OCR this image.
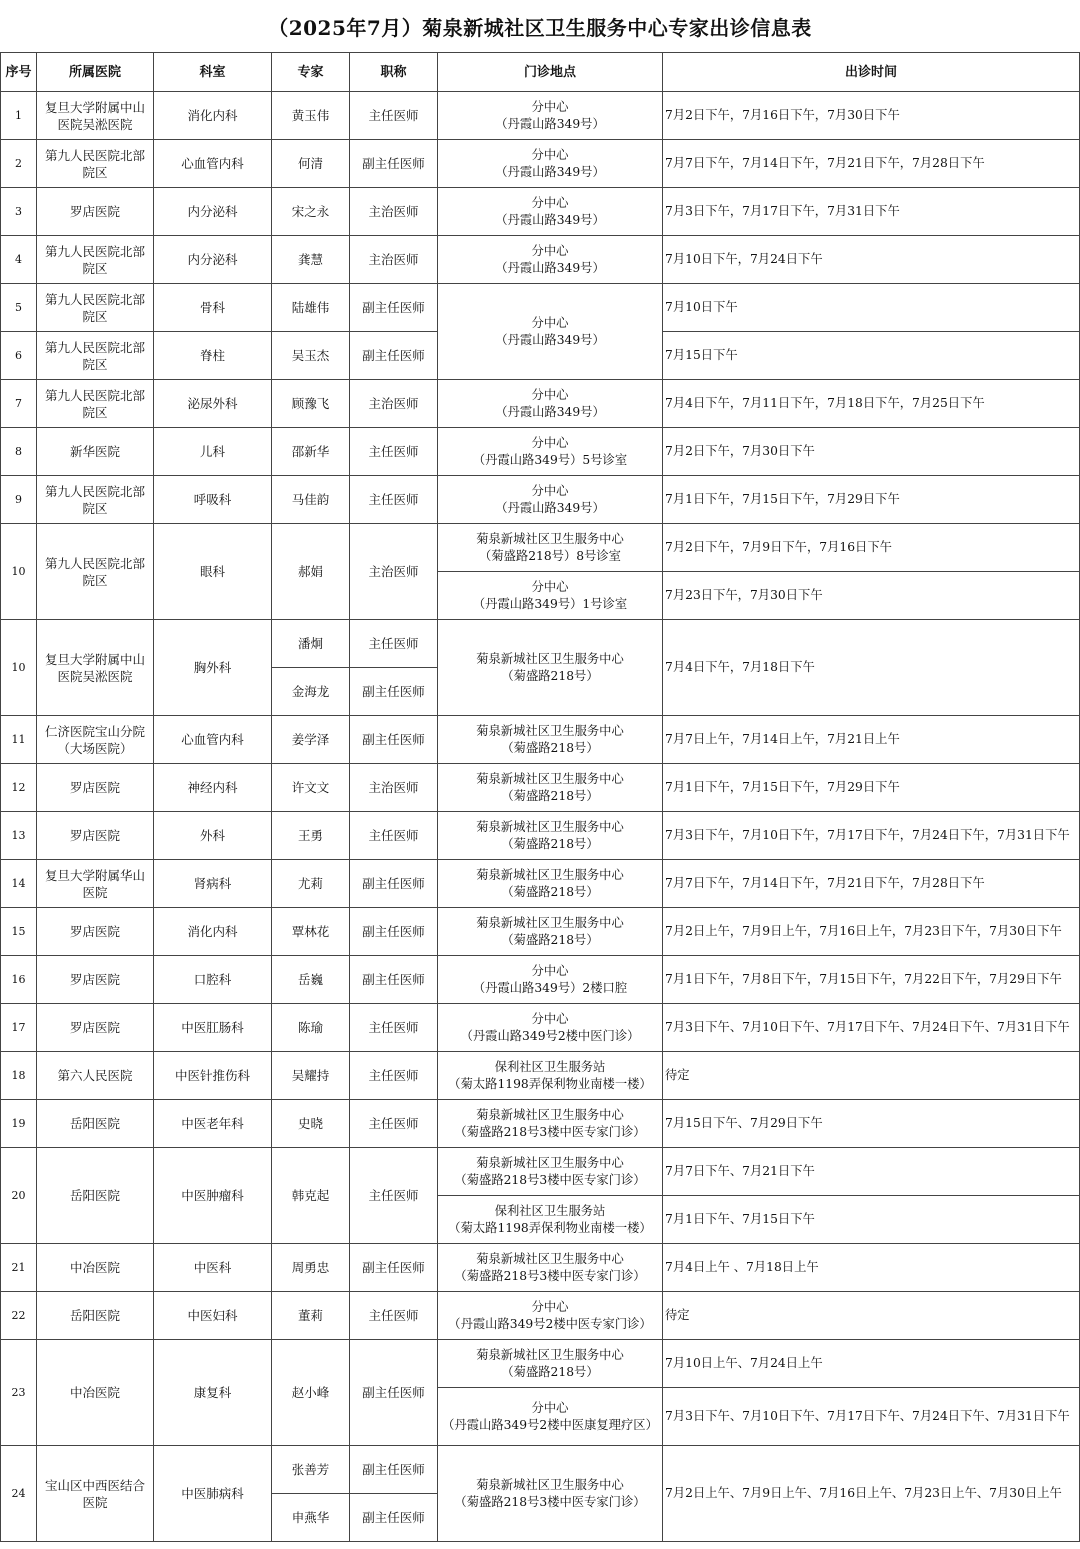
（2025年7月）菊泉新城社区卫生服务中心专家出诊信息表
序号	所属医院	科室	专家	职称	门诊地点	出诊时间
1	复旦大学附属中山医院吴淞医院	消化内科	黄玉伟	主任医师	分中心
（丹霞山路349号）	7月2日下午，7月16日下午，7月30日下午
2	第九人民医院北部院区	心血管内科	何清	副主任医师	分中心
（丹霞山路349号）	7月7日下午，7月14日下午，7月21日下午，7月28日下午
3	罗店医院	内分泌科	宋之永	主治医师	分中心
（丹霞山路349号）	7月3日下午，7月17日下午，7月31日下午
4	第九人民医院北部院区	内分泌科	龚慧	主治医师	分中心
（丹霞山路349号）	7月10日下午，7月24日下午
5	第九人民医院北部院区	骨科	陆雄伟	副主任医师	分中心
（丹霞山路349号）	7月10日下午
6	第九人民医院北部院区	脊柱	吴玉杰	副主任医师		7月15日下午
7	第九人民医院北部院区	泌尿外科	顾豫飞	主治医师	分中心
（丹霞山路349号）	7月4日下午，7月11日下午，7月18日下午，7月25日下午
8	新华医院	儿科	邵新华	主任医师	分中心
（丹霞山路349号）5号诊室	7月2日下午，7月30日下午
9	第九人民医院北部院区	呼吸科	马佳韵	主任医师	分中心
（丹霞山路349号）	7月1日下午，7月15日下午，7月29日下午
10	第九人民医院北部院区	眼科	郝娟	主治医师	菊泉新城社区卫生服务中心
（菊盛路218号）8号诊室	7月2日下午，7月9日下午，7月16日下午
					分中心
（丹霞山路349号）1号诊室	7月23日下午，7月30日下午
10	复旦大学附属中山医院吴淞医院	胸外科	潘炯	主任医师	菊泉新城社区卫生服务中心
（菊盛路218号）	7月4日下午，7月18日下午
			金海龙	副主任医师		
11	仁济医院宝山分院（大场医院）	心血管内科	姜学泽	副主任医师	菊泉新城社区卫生服务中心
（菊盛路218号）	7月7日上午，7月14日上午，7月21日上午
12	罗店医院	神经内科	许文文	主治医师	菊泉新城社区卫生服务中心
（菊盛路218号）	7月1日下午，7月15日下午，7月29日下午
13	罗店医院	外科	王勇	主任医师	菊泉新城社区卫生服务中心
（菊盛路218号）	7月3日下午，7月10日下午，7月17日下午，7月24日下午，7月31日下午
14	复旦大学附属华山医院	肾病科	尤莉	副主任医师	菊泉新城社区卫生服务中心
（菊盛路218号）	7月7日下午，7月14日下午，7月21日下午，7月28日下午
15	罗店医院	消化内科	覃林花	副主任医师	菊泉新城社区卫生服务中心
（菊盛路218号）	7月2日上午，7月9日上午，7月16日上午，7月23日下午，7月30日下午
16	罗店医院	口腔科	岳巍	副主任医师	分中心
（丹霞山路349号）2楼口腔	7月1日下午，7月8日下午，7月15日下午，7月22日下午，7月29日下午
17	罗店医院	中医肛肠科	陈瑜	主任医师	分中心
（丹霞山路349号2楼中医门诊）	7月3日下午、7月10日下午、7月17日下午、7月24日下午、7月31日下午
18	第六人民医院	中医针推伤科	吴耀持	主任医师	保利社区卫生服务站
（菊太路1198弄保利物业南楼一楼）	待定
19	岳阳医院	中医老年科	史晓	主任医师	菊泉新城社区卫生服务中心
（菊盛路218号3楼中医专家门诊）	7月15日下午、7月29日下午
20	岳阳医院	中医肿瘤科	韩克起	主任医师	菊泉新城社区卫生服务中心
（菊盛路218号3楼中医专家门诊）	7月7日下午、7月21日下午
					保利社区卫生服务站
（菊太路1198弄保利物业南楼一楼）	7月1日下午、7月15日下午
21	中冶医院	中医科	周勇忠	副主任医师	菊泉新城社区卫生服务中心
（菊盛路218号3楼中医专家门诊）	7月4日上午 、7月18日上午
22	岳阳医院	中医妇科	董莉	主任医师	分中心
（丹霞山路349号2楼中医专家门诊）	待定
23	中冶医院	康复科	赵小峰	副主任医师	菊泉新城社区卫生服务中心
（菊盛路218号）	7月10日上午、7月24日上午
					分中心
（丹霞山路349号2楼中医康复理疗区）	7月3日下午、7月10日下午、7月17日下午、7月24日下午、7月31日下午
24	宝山区中西医结合医院	中医肺病科	张善芳	副主任医师	菊泉新城社区卫生服务中心
（菊盛路218号3楼中医专家门诊）	7月2日上午、7月9日上午、7月16日上午、7月23日上午、7月30日上午
			申燕华	副主任医师		
